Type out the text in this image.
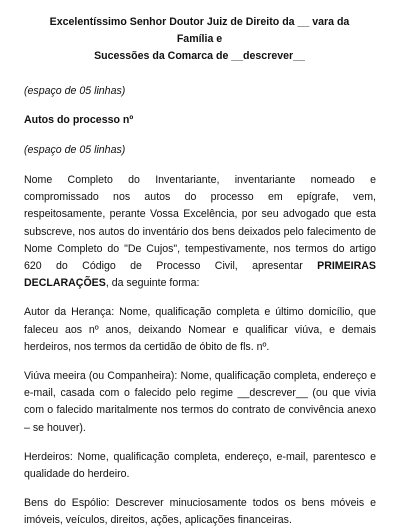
Excelentíssimo Senhor Doutor Juiz de Direito da __ vara da Família e
Sucessões da Comarca de __descrever__
(espaço de 05 linhas)
Autos do processo nº
(espaço de 05 linhas)
Nome Completo do Inventariante, inventariante nomeado e compromissado nos autos do processo em epígrafe, vem, respeitosamente, perante Vossa Excelência, por seu advogado que esta subscreve, nos autos do inventário dos bens deixados pelo falecimento de Nome Completo do "De Cujos", tempestivamente, nos termos do artigo 620 do Código de Processo Civil, apresentar PRIMEIRAS DECLARAÇÕES, da seguinte forma:
Autor da Herança: Nome, qualificação completa e último domicílio, que faleceu aos nº anos, deixando Nomear e qualificar viúva, e demais herdeiros, nos termos da certidão de óbito de fls. nº.
Viúva meeira (ou Companheira): Nome, qualificação completa, endereço e e-mail, casada com o falecido pelo regime __descrever__ (ou que vivia com o falecido maritalmente nos termos do contrato de convivência anexo – se houver).
Herdeiros: Nome, qualificação completa, endereço, e-mail, parentesco e qualidade do herdeiro.
Bens do Espólio: Descrever minuciosamente todos os bens móveis e imóveis, veículos, direitos, ações, aplicações financeiras.
